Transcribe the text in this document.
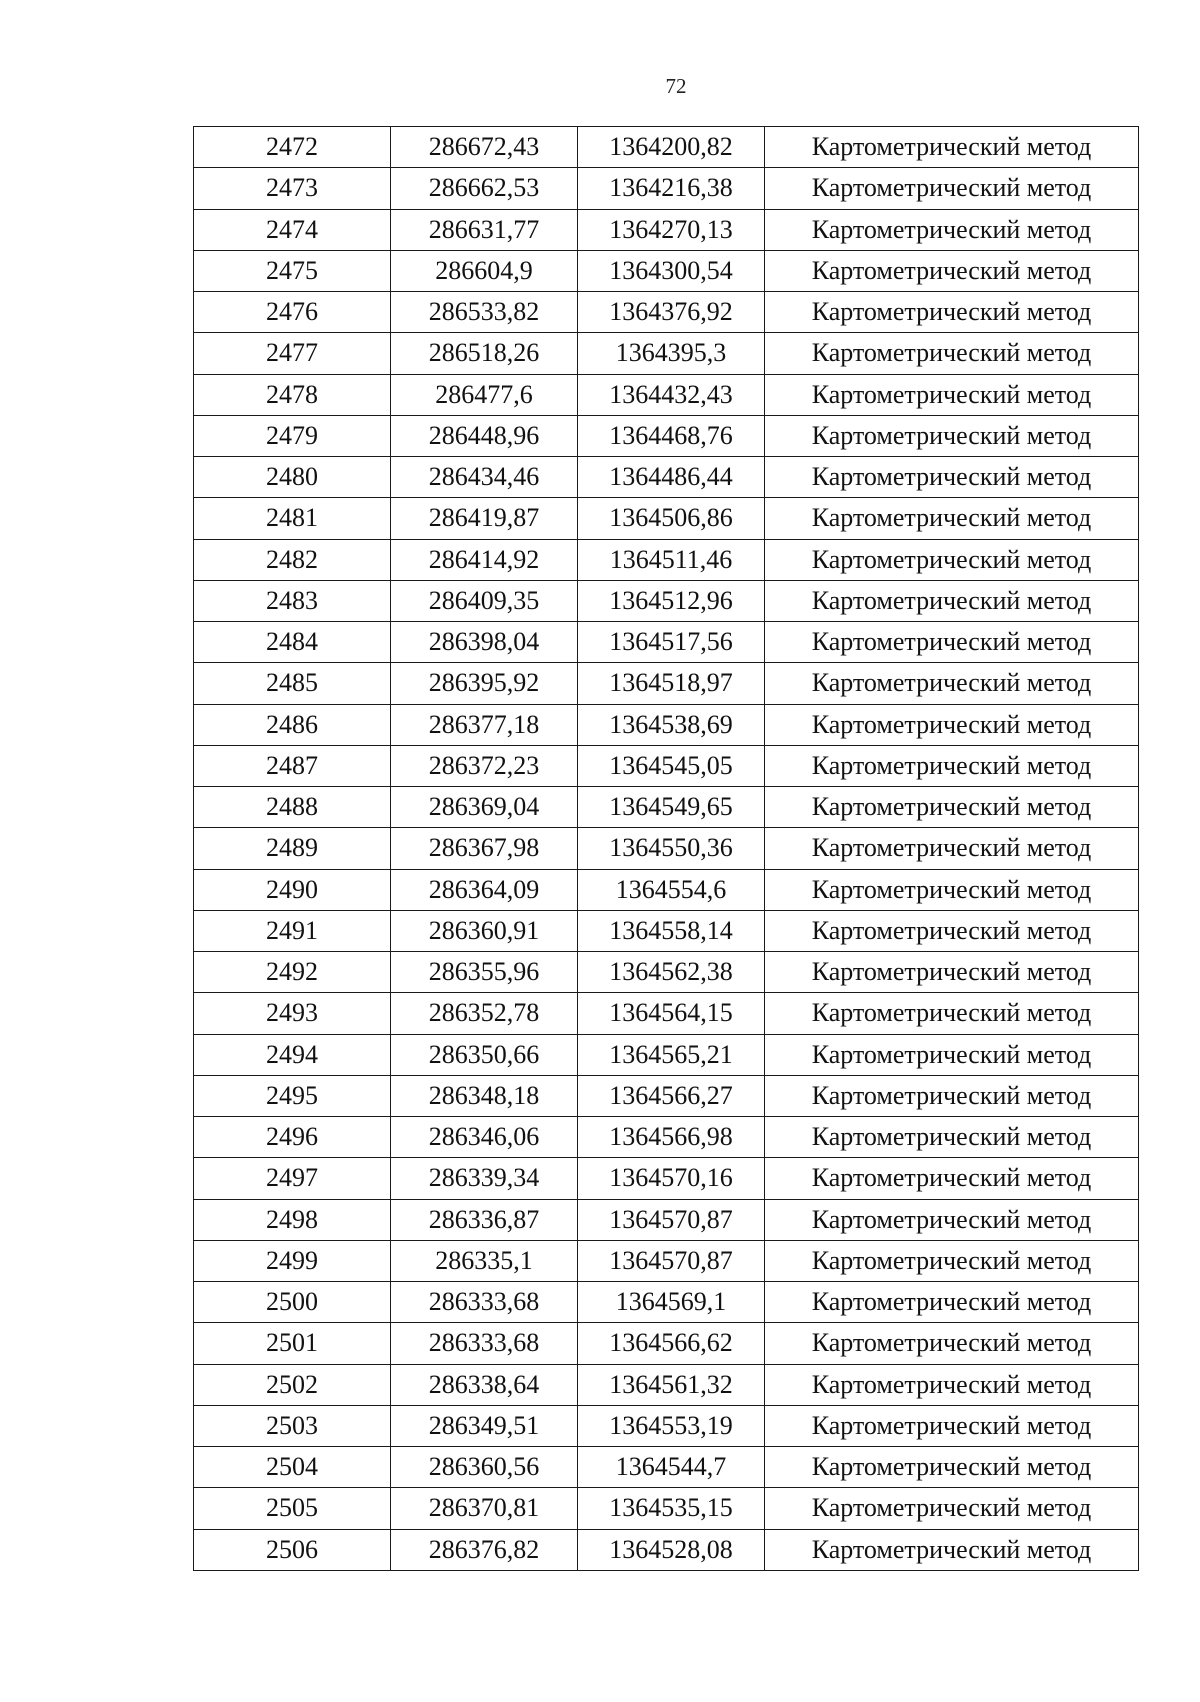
72
2472	286672,43	1364200,82	Картометрический метод
2473	286662,53	1364216,38	Картометрический метод
2474	286631,77	1364270,13	Картометрический метод
2475	286604,9	1364300,54	Картометрический метод
2476	286533,82	1364376,92	Картометрический метод
2477	286518,26	1364395,3	Картометрический метод
2478	286477,6	1364432,43	Картометрический метод
2479	286448,96	1364468,76	Картометрический метод
2480	286434,46	1364486,44	Картометрический метод
2481	286419,87	1364506,86	Картометрический метод
2482	286414,92	1364511,46	Картометрический метод
2483	286409,35	1364512,96	Картометрический метод
2484	286398,04	1364517,56	Картометрический метод
2485	286395,92	1364518,97	Картометрический метод
2486	286377,18	1364538,69	Картометрический метод
2487	286372,23	1364545,05	Картометрический метод
2488	286369,04	1364549,65	Картометрический метод
2489	286367,98	1364550,36	Картометрический метод
2490	286364,09	1364554,6	Картометрический метод
2491	286360,91	1364558,14	Картометрический метод
2492	286355,96	1364562,38	Картометрический метод
2493	286352,78	1364564,15	Картометрический метод
2494	286350,66	1364565,21	Картометрический метод
2495	286348,18	1364566,27	Картометрический метод
2496	286346,06	1364566,98	Картометрический метод
2497	286339,34	1364570,16	Картометрический метод
2498	286336,87	1364570,87	Картометрический метод
2499	286335,1	1364570,87	Картометрический метод
2500	286333,68	1364569,1	Картометрический метод
2501	286333,68	1364566,62	Картометрический метод
2502	286338,64	1364561,32	Картометрический метод
2503	286349,51	1364553,19	Картометрический метод
2504	286360,56	1364544,7	Картометрический метод
2505	286370,81	1364535,15	Картометрический метод
2506	286376,82	1364528,08	Картометрический метод
